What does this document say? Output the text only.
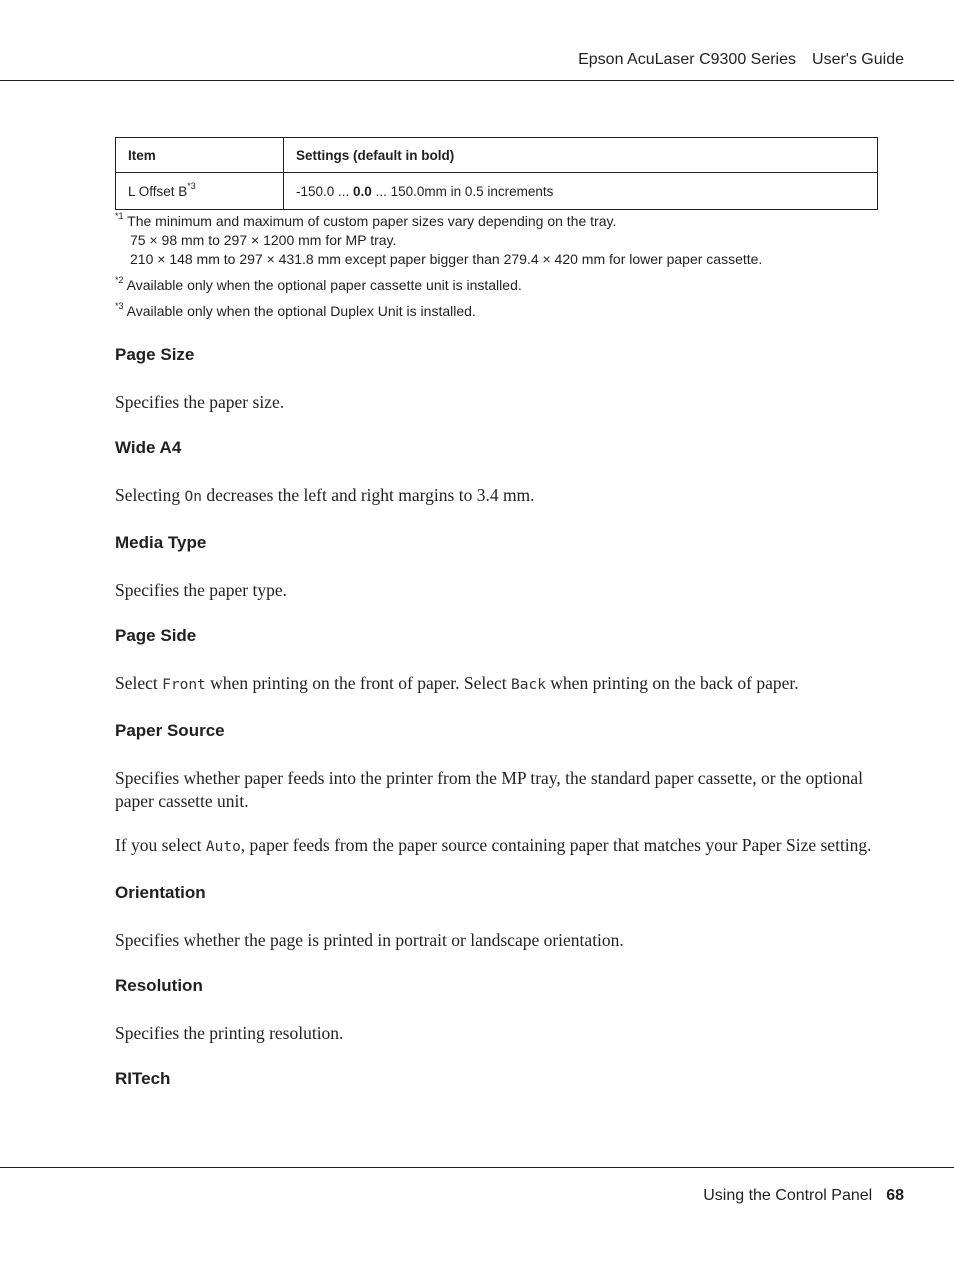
Epson AcuLaser C9300 Series User's Guide
Item	Settings (default in bold)
L Offset $B^{*3}$	-150.0 ... 0.0 ... 150.0mm in 0.5 increments
$^{*1}$ The minimum and maximum of custom paper sizes vary depending on the tray.
75 × 98 mm to 297 × 1200 mm for MP tray.
210 × 148 mm to 297 × 431.8 mm except paper bigger than 279.4 × 420 mm for lower paper cassette.
$^{*2}$ Available only when the optional paper cassette unit is installed.
$^{*3}$ Available only when the optional Duplex Unit is installed.
Page Size

Specifies the paper size.

Wide A4

Selecting On decreases the left and right margins to 3.4 mm.

Media Type

Specifies the paper type.

Page Side

Select Front when printing on the front of paper. Select Back when printing on the back of paper.

Paper Source

Specifies whether paper feeds into the printer from the MP tray, the standard paper cassette, or the optional paper cassette unit.

If you select Auto, paper feeds from the paper source containing paper that matches your Paper Size setting.

Orientation

Specifies whether the page is printed in portrait or landscape orientation.

Resolution

Specifies the printing resolution.

RITech
Using the Control Panel 68
